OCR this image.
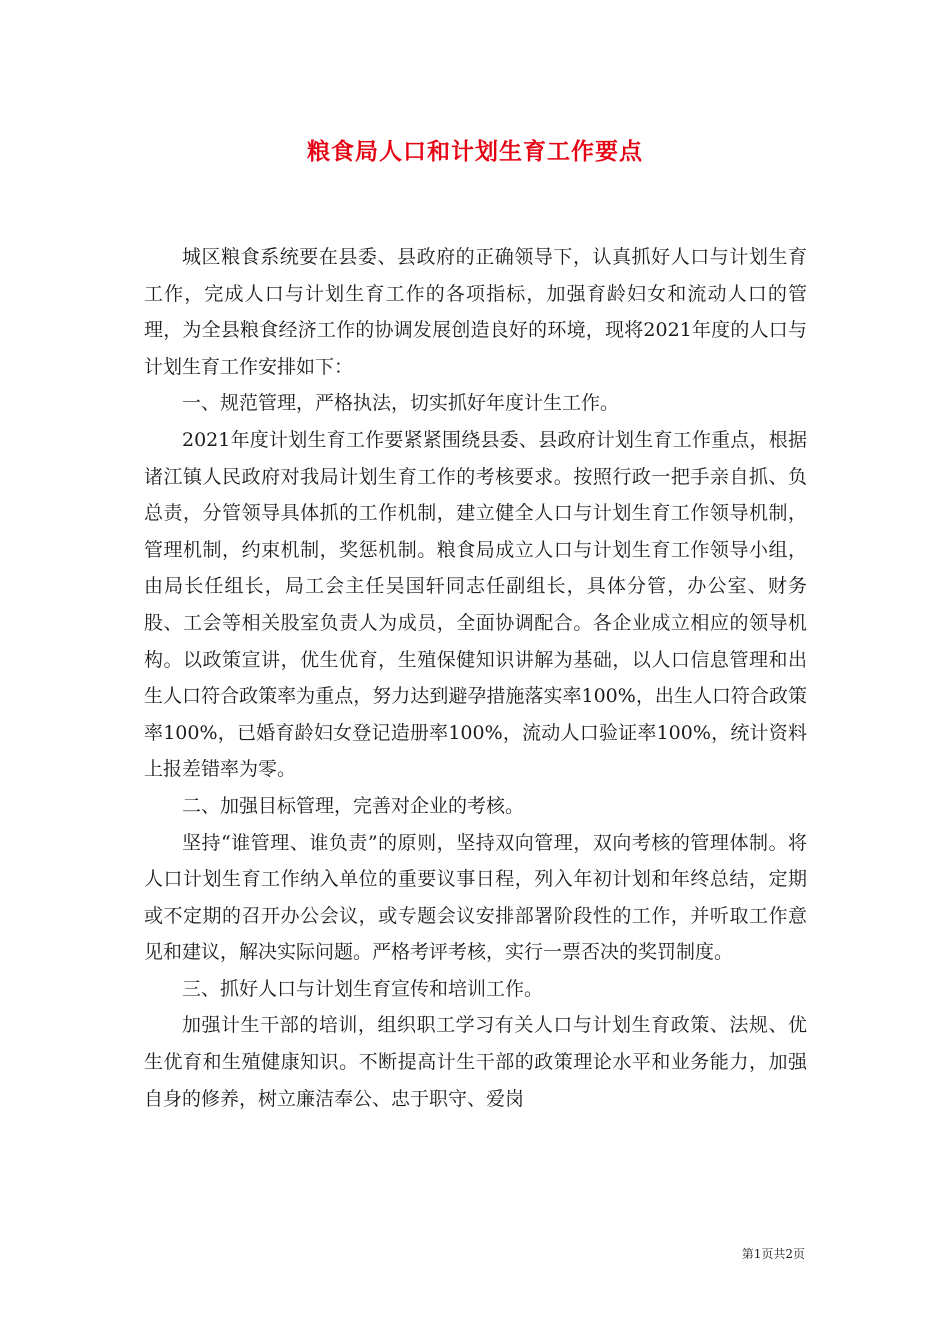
粮食局人口和计划生育工作要点

城区粮食系统要在县委、县政府的正确领导下，认真抓好人口与计划生育工作，完成人口与计划生育工作的各项指标，加强育龄妇女和流动人口的管理，为全县粮食经济工作的协调发展创造良好的环境，现将2021年度的人口与计划生育工作安排如下：

一、规范管理，严格执法，切实抓好年度计生工作。

2021年度计划生育工作要紧紧围绕县委、县政府计划生育工作重点，根据诸江镇人民政府对我局计划生育工作的考核要求。按照行政一把手亲自抓、负总责，分管领导具体抓的工作机制，建立健全人口与计划生育工作领导机制，管理机制，约束机制，奖惩机制。粮食局成立人口与计划生育工作领导小组，由局长任组长，局工会主任吴国轩同志任副组长，具体分管，办公室、财务股、工会等相关股室负责人为成员，全面协调配合。各企业成立相应的领导机构。以政策宣讲，优生优育，生殖保健知识讲解为基础，以人口信息管理和出生人口符合政策率为重点，努力达到避孕措施落实率100%，出生人口符合政策率100%，已婚育龄妇女登记造册率100%，流动人口验证率100%，统计资料上报差错率为零。

二、加强目标管理，完善对企业的考核。

坚持“谁管理、谁负责”的原则，坚持双向管理，双向考核的管理体制。将人口计划生育工作纳入单位的重要议事日程，列入年初计划和年终总结，定期或不定期的召开办公会议，或专题会议安排部署阶段性的工作，并听取工作意见和建议，解决实际问题。严格考评考核，实行一票否决的奖罚制度。

三、抓好人口与计划生育宣传和培训工作。

加强计生干部的培训，组织职工学习有关人口与计划生育政策、法规、优生优育和生殖健康知识。不断提高计生干部的政策理论水平和业务能力，加强自身的修养，树立廉洁奉公、忠于职守、爱岗

第1页共2页
